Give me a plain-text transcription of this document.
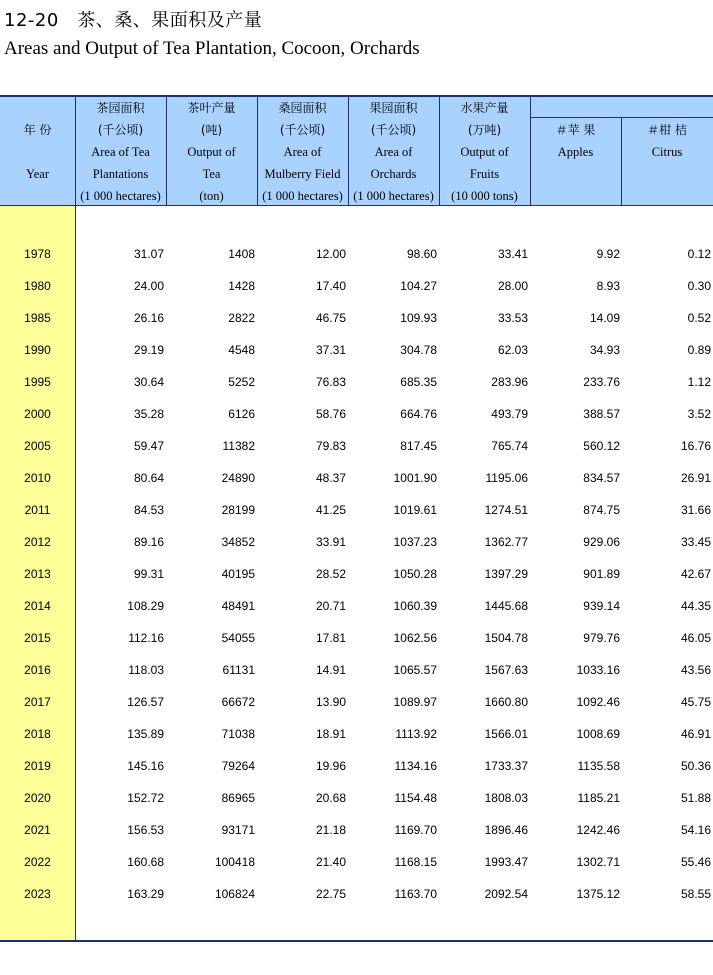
12-20　茶、桑、果面积及产量
Areas and Output of Tea Plantation, Cocoon, Orchards
年 份
Year
茶园面积
(千公顷)
Area of Tea
Plantations
(1 000 hectares)
茶叶产量
(吨)
Output of
Tea
(ton)
桑园面积
(千公顷)
Area of
Mulberry Field
(1 000 hectares)
果园面积
(千公顷)
Area of
Orchards
(1 000 hectares)
水果产量
(万吨)
Output of
Fruits
(10 000 tons)
＃苹 果
Apples
＃柑 桔
Citrus
1978	31.07	1408	12.00	98.60	33.41	9.92	0.12
1980	24.00	1428	17.40	104.27	28.00	8.93	0.30
1985	26.16	2822	46.75	109.93	33.53	14.09	0.52
1990	29.19	4548	37.31	304.78	62.03	34.93	0.89
1995	30.64	5252	76.83	685.35	283.96	233.76	1.12
2000	35.28	6126	58.76	664.76	493.79	388.57	3.52
2005	59.47	11382	79.83	817.45	765.74	560.12	16.76
2010	80.64	24890	48.37	1001.90	1195.06	834.57	26.91
2011	84.53	28199	41.25	1019.61	1274.51	874.75	31.66
2012	89.16	34852	33.91	1037.23	1362.77	929.06	33.45
2013	99.31	40195	28.52	1050.28	1397.29	901.89	42.67
2014	108.29	48491	20.71	1060.39	1445.68	939.14	44.35
2015	112.16	54055	17.81	1062.56	1504.78	979.76	46.05
2016	118.03	61131	14.91	1065.57	1567.63	1033.16	43.56
2017	126.57	66672	13.90	1089.97	1660.80	1092.46	45.75
2018	135.89	71038	18.91	1113.92	1566.01	1008.69	46.91
2019	145.16	79264	19.96	1134.16	1733.37	1135.58	50.36
2020	152.72	86965	20.68	1154.48	1808.03	1185.21	51.88
2021	156.53	93171	21.18	1169.70	1896.46	1242.46	54.16
2022	160.68	100418	21.40	1168.15	1993.47	1302.71	55.46
2023	163.29	106824	22.75	1163.70	2092.54	1375.12	58.55
